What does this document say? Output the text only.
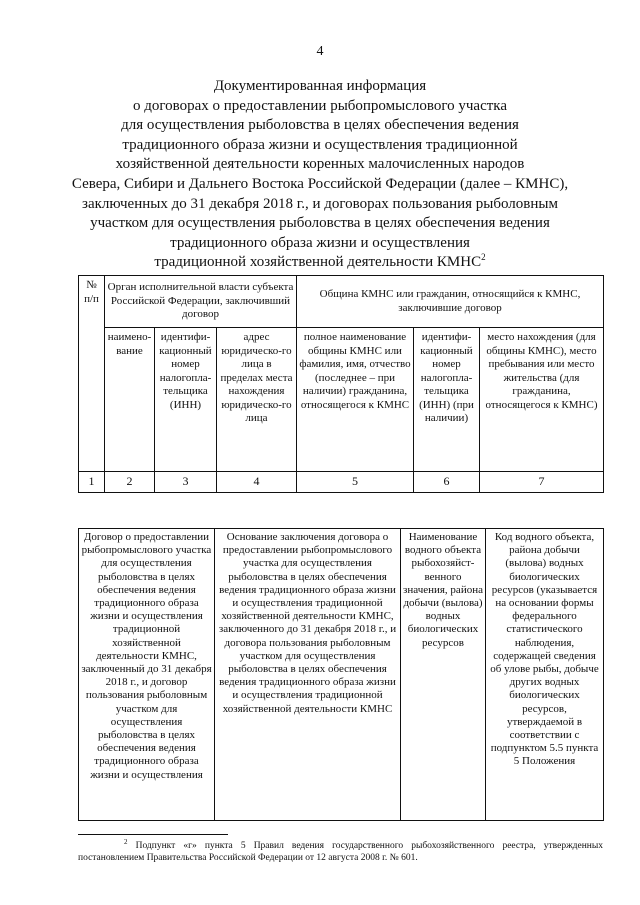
4
Документированная информация
о договорах о предоставлении рыбопромыслового участка
для осуществления рыболовства в целях обеспечения ведения
традиционного образа жизни и осуществления традиционной
хозяйственной деятельности коренных малочисленных народов
Севера, Сибири и Дальнего Востока Российской Федерации (далее – КМНС),
заключенных до 31 декабря 2018 г., и договорах пользования рыболовным
участком для осуществления рыболовства в целях обеспечения ведения
традиционного образа жизни и осуществления
традиционной хозяйственной деятельности КМНС$^2$
№ п/п	Орган исполнительной власти субъекта Российской Федерации, заключивший договор			Община КМНС или гражданин, относящийся к КМНС, заключившие договор		
	наимено-вание	идентифи-кационный номер налогопла-тельщика (ИНН)	адрес юридическо-го лица в пределах места нахождения юридическо-го лица	полное наименование общины КМНС или фамилия, имя, отчество (последнее – при наличии) гражданина, относящегося к КМНС	идентифи-кационный номер налогопла-тельщика (ИНН) (при наличии)	место нахождения (для общины КМНС), место пребывания или место жительства (для гражданина, относящегося к КМНС)
1	2	3	4	5	6	7
Договор о предоставлении рыбопромыслового участка для осуществления рыболовства в целях обеспечения ведения традиционного образа жизни и осуществления традиционной хозяйственной деятельности КМНС, заключенный до 31 декабря 2018 г., и договор пользования рыболовным участком для осуществления рыболовства в целях обеспечения ведения традиционного образа жизни и осуществления	Основание заключения договора о предоставлении рыбопромыслового участка для осуществления рыболовства в целях обеспечения ведения традиционного образа жизни и осуществления традиционной хозяйственной деятельности КМНС, заключенного до 31 декабря 2018 г., и договора пользования рыболовным участком для осуществления рыболовства в целях обеспечения ведения традиционного образа жизни и осуществления традиционной хозяйственной деятельности КМНС	Наименование водного объекта рыбохозяйст-венного значения, района добычи (вылова) водных биологических ресурсов	Код водного объекта, района добычи (вылова) водных биологических ресурсов (указывается на основании формы федерального статистического наблюдения, содержащей сведения об улове рыбы, добыче других водных биологических ресурсов, утверждаемой в соответствии с подпунктом 5.5 пункта 5 Положения
$^2$ Подпункт «г» пункта 5 Правил ведения государственного рыбохозяйственного реестра, утвержденных постановлением Правительства Российской Федерации от 12 августа 2008 г. № 601.
